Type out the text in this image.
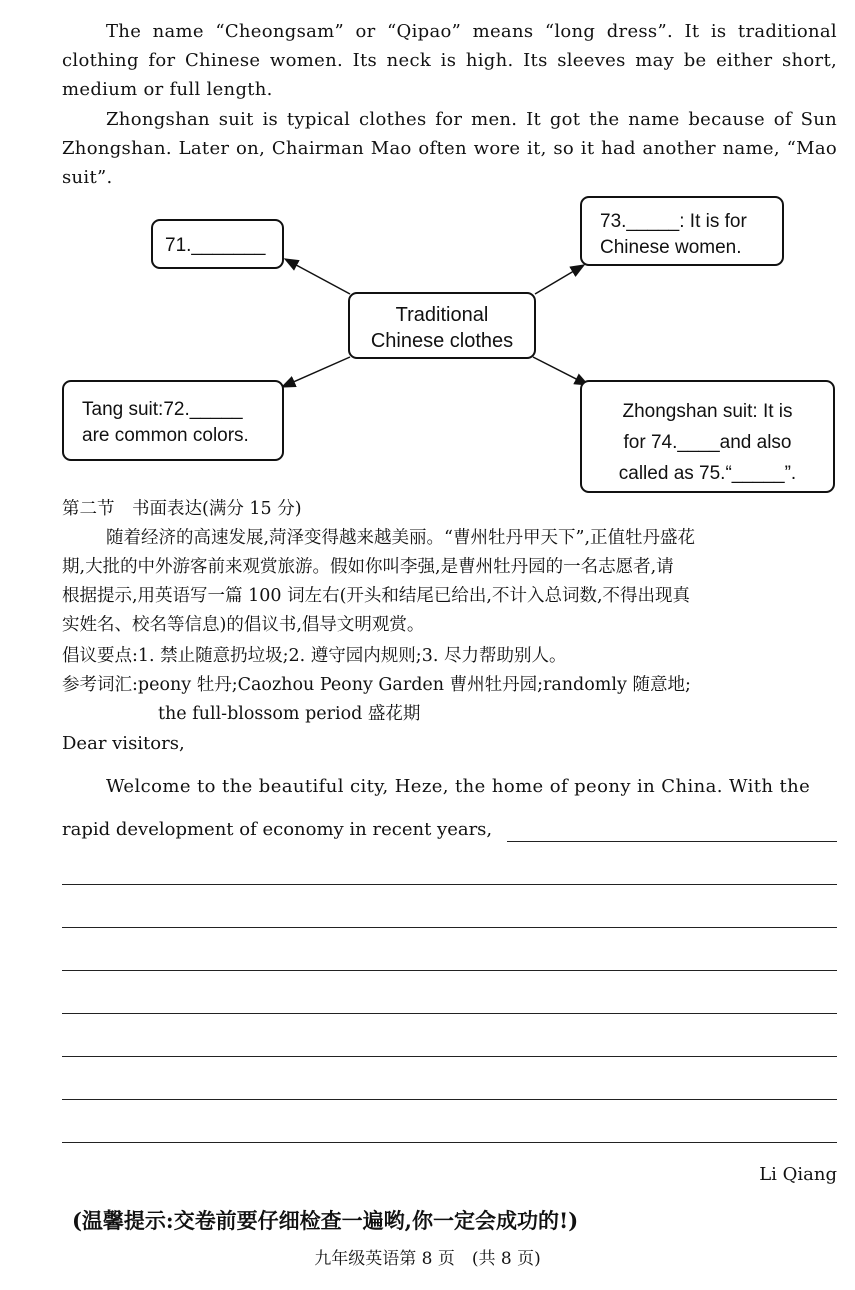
The name “Cheongsam” or “Qipao” means “long dress”. It is traditional clothing for Chinese women. Its neck is high. Its sleeves may be either short, medium or full length.

Zhongshan suit is typical clothes for men. It got the name because of Sun Zhongshan. Later on, Chairman Mao often wore it, so it had another name, “Mao suit”.

71._______
73._____: It is for
Chinese women.
Traditional
Chinese clothes
Tang suit:72._____
are common colors.
Zhongshan suit: It is
for 74.____and also
called as 75.“_____”.

第二节　书面表达(满分 15 分)

随着经济的高速发展,菏泽变得越来越美丽。“曹州牡丹甲天下”,正值牡丹盛花

期,大批的中外游客前来观赏旅游。假如你叫李强,是曹州牡丹园的一名志愿者,请

根据提示,用英语写一篇 100 词左右(开头和结尾已给出,不计入总词数,不得出现真

实姓名、校名等信息)的倡议书,倡导文明观赏。

倡议要点:1. 禁止随意扔垃圾;2. 遵守园内规则;3. 尽力帮助别人。

参考词汇:peony 牡丹;Caozhou Peony Garden 曹州牡丹园;randomly 随意地;

the full-blossom period 盛花期

Dear visitors,

Welcome to the beautiful city, Heze, the home of peony in China. With the

rapid development of economy in recent years,

Li Qiang

(温馨提示:交卷前要仔细检查一遍哟,你一定会成功的!)

九年级英语第 8 页　(共 8 页)
